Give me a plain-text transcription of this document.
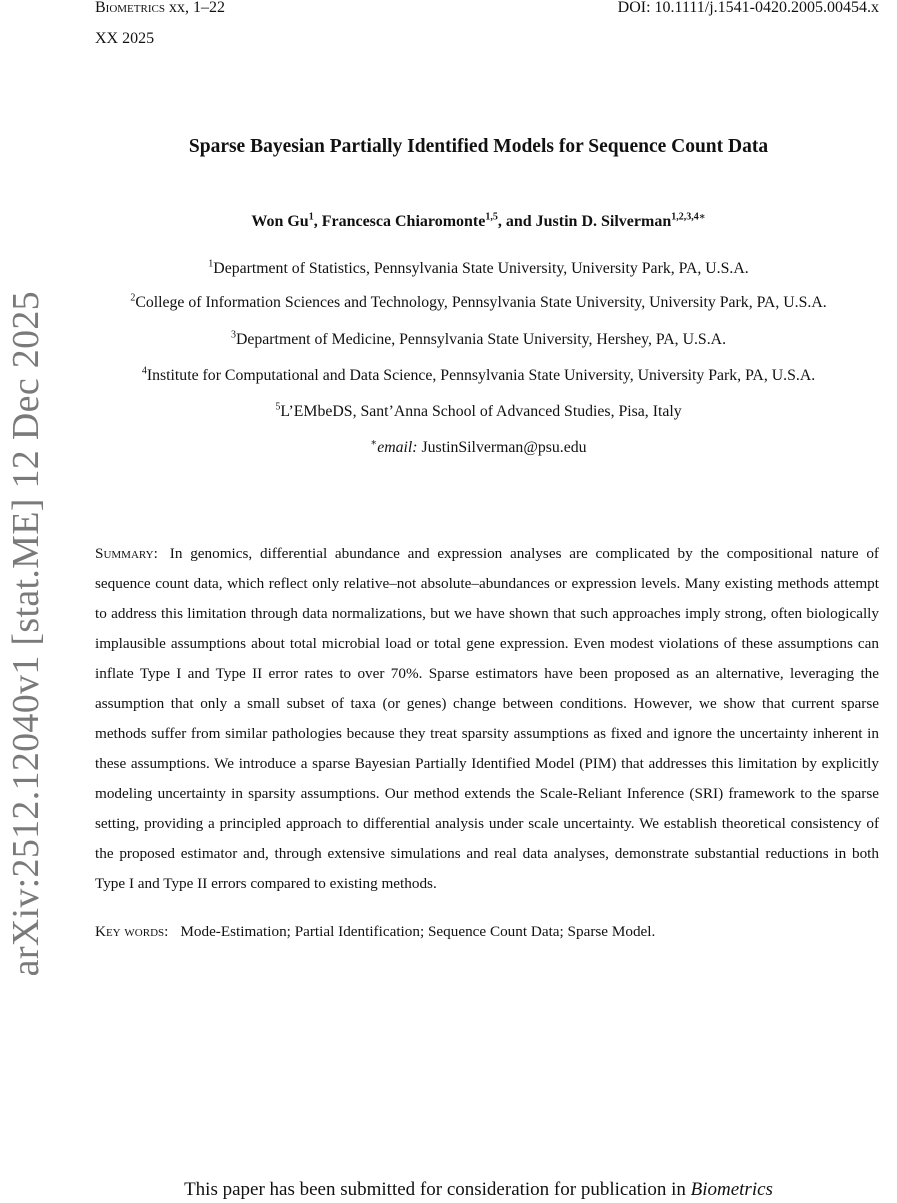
Biometrics xx, 1–22
XX 2025
DOI: 10.1111/j.1541-0420.2005.00454.x
arXiv:2512.12040v1 [stat.ME] 12 Dec 2025
Sparse Bayesian Partially Identified Models for Sequence Count Data
Won Gu$^1$, Francesca Chiaromonte$^{1,5}$, and Justin D. Silverman$^{1,2,3,4∗}$
$^1$Department of Statistics, Pennsylvania State University, University Park, PA, U.S.A.
$^2$College of Information Sciences and Technology, Pennsylvania State University, University Park, PA, U.S.A.
$^3$Department of Medicine, Pennsylvania State University, Hershey, PA, U.S.A.
$^4$Institute for Computational and Data Science, Pennsylvania State University, University Park, PA, U.S.A.
$^5$L’EMbeDS, Sant’Anna School of Advanced Studies, Pisa, Italy
∗email: JustinSilverman@psu.edu
Summary: In genomics, differential abundance and expression analyses are complicated by the compositional nature of sequence count data, which reflect only relative–not absolute–abundances or expression levels. Many existing methods attempt to address this limitation through data normalizations, but we have shown that such approaches imply strong, often biologically implausible assumptions about total microbial load or total gene expression. Even modest violations of these assumptions can inflate Type I and Type II error rates to over 70%. Sparse estimators have been proposed as an alternative, leveraging the assumption that only a small subset of taxa (or genes) change between conditions. However, we show that current sparse methods suffer from similar pathologies because they treat sparsity assumptions as fixed and ignore the uncertainty inherent in these assumptions. We introduce a sparse Bayesian Partially Identified Model (PIM) that addresses this limitation by explicitly modeling uncertainty in sparsity assumptions. Our method extends the Scale-Reliant Inference (SRI) framework to the sparse setting, providing a principled approach to differential analysis under scale uncertainty. We establish theoretical consistency of the proposed estimator and, through extensive simulations and real data analyses, demonstrate substantial reductions in both Type I and Type II errors compared to existing methods.
Key words: Mode-Estimation; Partial Identification; Sequence Count Data; Sparse Model.
This paper has been submitted for consideration for publication in Biometrics
